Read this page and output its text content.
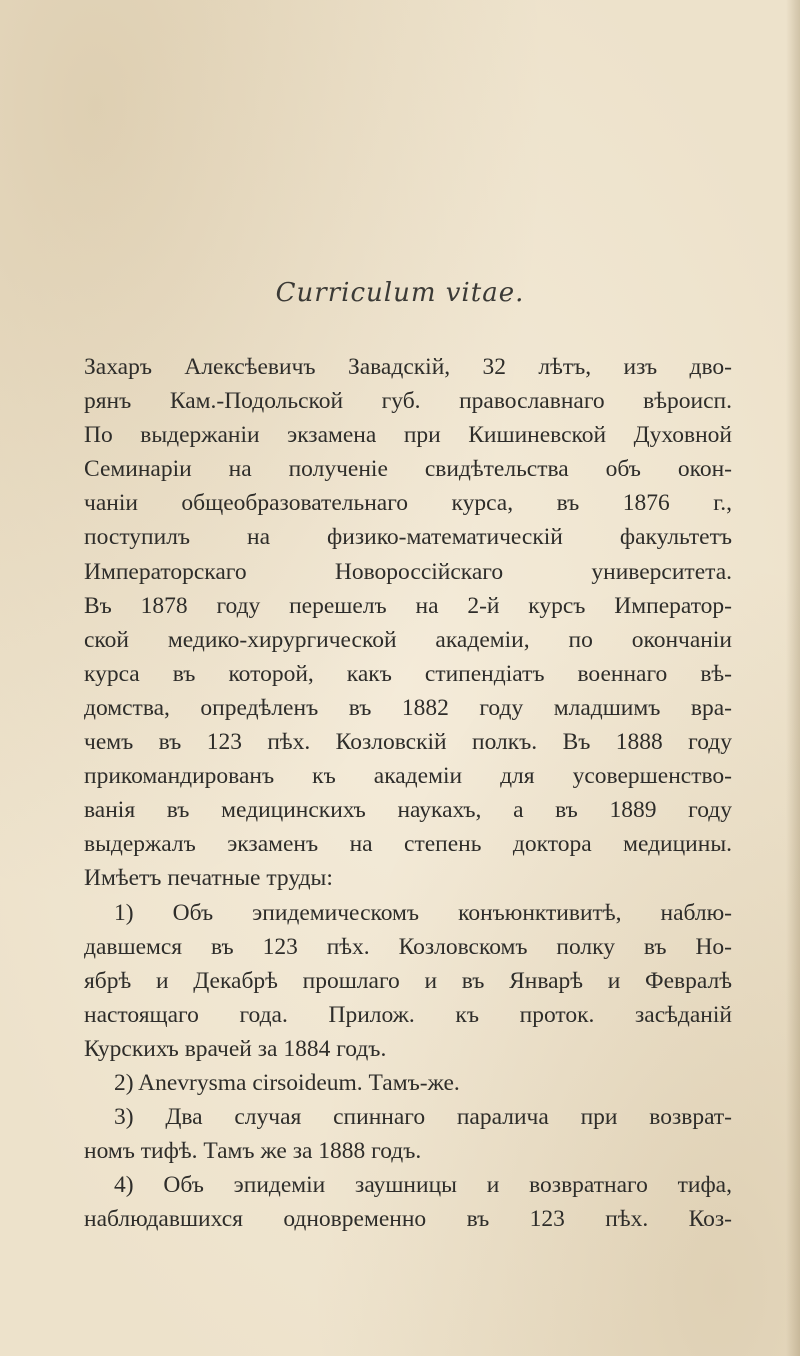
Curriculum vitae.
Захаръ Алексѣевичъ Завадскій, 32 лѣтъ, изъ дво-
рянъ Кам.-Подольской губ. православнаго вѣроисп.
По выдержаніи экзамена при Кишиневской Духовной
Семинаріи на полученіе свидѣтельства объ окон-
чаніи общеобразовательнаго курса, въ 1876 г.,
поступилъ на физико-математическій факультетъ
Императорскаго Новороссійскаго университета.
Въ 1878 году перешелъ на 2-й курсъ Император-
ской медико-хирургической академіи, по окончаніи
курса въ которой, какъ стипендіатъ военнаго вѣ-
домства, опредѣленъ въ 1882 году младшимъ вра-
чемъ въ 123 пѣх. Козловскій полкъ. Въ 1888 году
прикомандированъ къ академіи для усовершенство-
ванія въ медицинскихъ наукахъ, а въ 1889 году
выдержалъ экзаменъ на степень доктора медицины.
Имѣетъ печатные труды:
1) Объ эпидемическомъ конъюнктивитѣ, наблю-
давшемся въ 123 пѣх. Козловскомъ полку въ Но-
ябрѣ и Декабрѣ прошлаго и въ Январѣ и Февралѣ
настоящаго года. Прилож. къ проток. засѣданій
Курскихъ врачей за 1884 годъ.
2) Anevrysma cirsoideum. Тамъ-же.
3) Два случая спиннаго паралича при возврат-
номъ тифѣ. Тамъ же за 1888 годъ.
4) Объ эпидеміи заушницы и возвратнаго тифа,
наблюдавшихся одновременно въ 123 пѣх. Коз-
